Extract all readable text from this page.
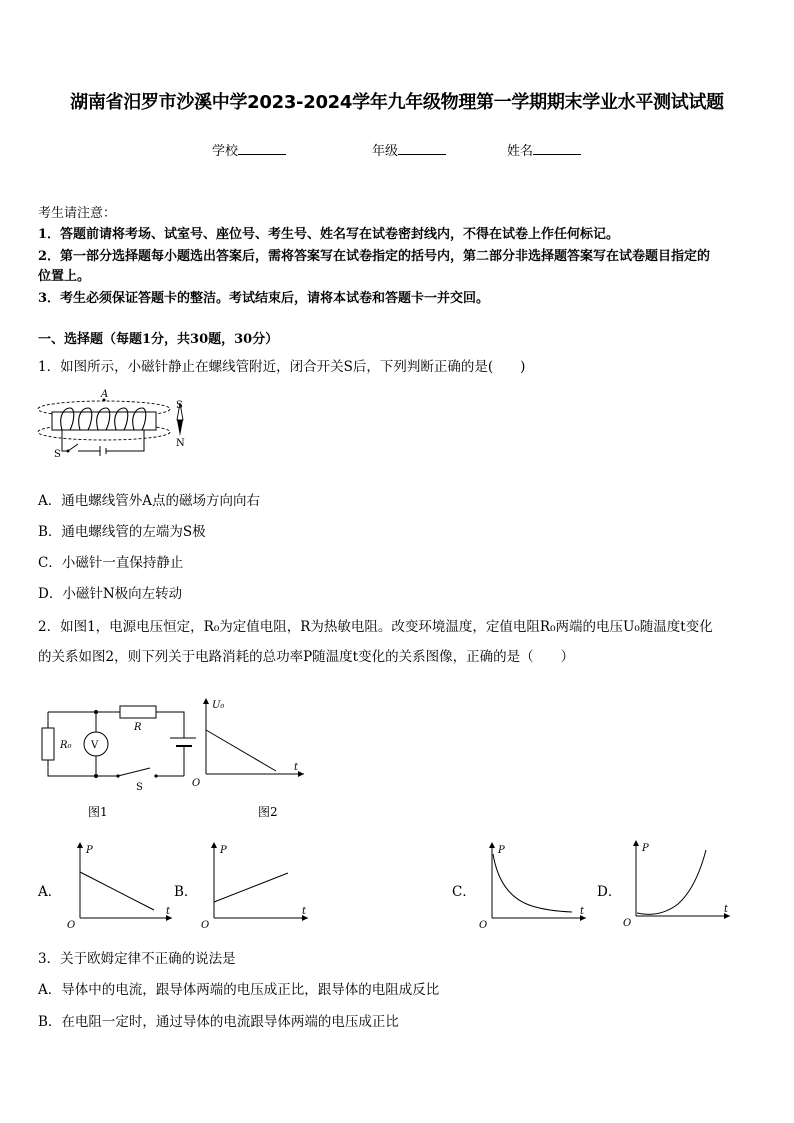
湖南省汨罗市沙溪中学2023-2024学年九年级物理第一学期期末学业水平测试试题
学校	年级	姓名
考生请注意：
1．答题前请将考场、试室号、座位号、考生号、姓名写在试卷密封线内，不得在试卷上作任何标记。
2．第一部分选择题每小题选出答案后，需将答案写在试卷指定的括号内，第二部分非选择题答案写在试卷题目指定的
位置上。
3．考生必须保证答题卡的整洁。考试结束后，请将本试卷和答题卡一并交回。
一、选择题（每题1分，共30题，30分）
1．如图所示，小磁针静止在螺线管附近，闭合开关S后，下列判断正确的是(　　)
A
S
S
N
A．通电螺线管外A点的磁场方向向右
B．通电螺线管的左端为S极
C．小磁针一直保持静止
D．小磁针N极向左转动
2．如图1，电源电压恒定，R₀为定值电阻，R为热敏电阻。改变环境温度，定值电阻R₀两端的电压U₀随温度t变化
的关系如图2，则下列关于电路消耗的总功率P随温度t变化的关系图像，正确的是（　　）
R
R₀ V
S
图1
U₀
t
O
图2
A．
P
t
O
B．
P
t
O
C．
P
t
O
D．
P
t
O
3．关于欧姆定律不正确的说法是
A．导体中的电流，跟导体两端的电压成正比，跟导体的电阻成反比
B．在电阻一定时，通过导体的电流跟导体两端的电压成正比
